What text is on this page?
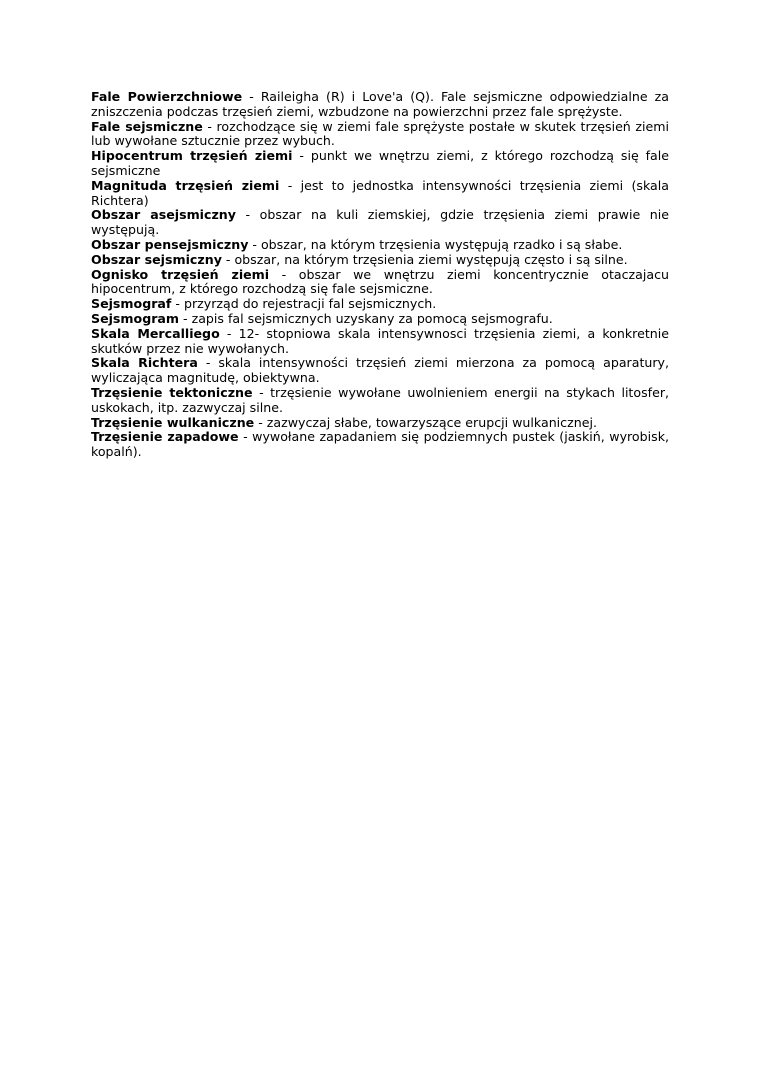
Fale Powierzchniowe - Raileigha (R) i Love'a (Q). Fale sejsmiczne odpowiedzialne za zniszczenia podczas trzęsień ziemi, wzbudzone na powierzchni przez fale sprężyste.

Fale sejsmiczne - rozchodzące się w ziemi fale sprężyste postałe w skutek trzęsień ziemi lub wywołane sztucznie przez wybuch.

Hipocentrum trzęsień ziemi - punkt we wnętrzu ziemi, z którego rozchodzą się fale sejsmiczne

Magnituda trzęsień ziemi - jest to jednostka intensywności trzęsienia ziemi (skala Richtera)

Obszar asejsmiczny - obszar na kuli ziemskiej, gdzie trzęsienia ziemi prawie nie występują.

Obszar pensejsmiczny - obszar, na którym trzęsienia występują rzadko i są słabe.

Obszar sejsmiczny - obszar, na którym trzęsienia ziemi występują często i są silne.

Ognisko trzęsień ziemi - obszar we wnętrzu ziemi koncentrycznie otaczajacu hipocentrum, z którego rozchodzą się fale sejsmiczne.

Sejsmograf - przyrząd do rejestracji fal sejsmicznych.

Sejsmogram - zapis fal sejsmicznych uzyskany za pomocą sejsmografu.

Skala Mercalliego - 12- stopniowa skala intensywnosci trzęsienia ziemi, a konkretnie skutków przez nie wywołanych.

Skala Richtera - skala intensywności trzęsień ziemi mierzona za pomocą aparatury, wyliczająca magnitudę, obiektywna.

Trzęsienie tektoniczne - trzęsienie wywołane uwolnieniem energii na stykach litosfer, uskokach, itp. zazwyczaj silne.

Trzęsienie wulkaniczne - zazwyczaj słabe, towarzyszące erupcji wulkanicznej.

Trzęsienie zapadowe - wywołane zapadaniem się podziemnych pustek (jaskiń, wyrobisk, kopalń).
